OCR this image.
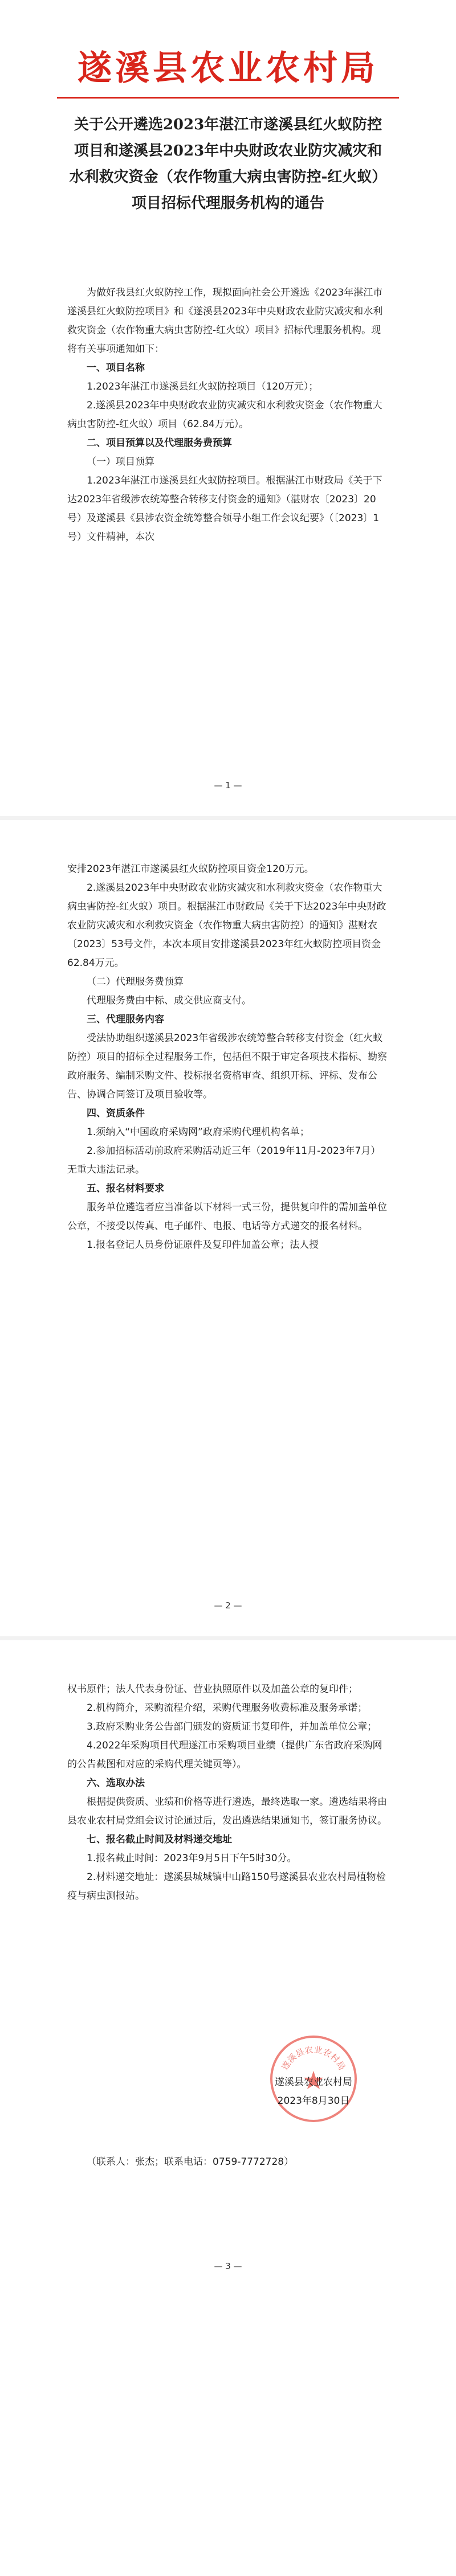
遂溪县农业农村局
关于公开遴选2023年湛江市遂溪县红火蚁防控项目和遂溪县2023年中央财政农业防灾减灾和水利救灾资金（农作物重大病虫害防控-红火蚁）项目招标代理服务机构的通告

为做好我县红火蚁防控工作，现拟面向社会公开遴选《2023年湛江市遂溪县红火蚁防控项目》和《遂溪县2023年中央财政农业防灾减灾和水利救灾资金（农作物重大病虫害防控-红火蚁）项目》招标代理服务机构。现将有关事项通知如下：

一、项目名称

1.2023年湛江市遂溪县红火蚁防控项目（120万元）；

2.遂溪县2023年中央财政农业防灾减灾和水利救灾资金（农作物重大病虫害防控-红火蚁）项目（62.84万元）。

二、项目预算以及代理服务费预算

（一）项目预算

1.2023年湛江市遂溪县红火蚁防控项目。根据湛江市财政局《关于下达2023年省级涉农统筹整合转移支付资金的通知》（湛财农〔2023〕20号）及遂溪县《县涉农资金统筹整合领导小组工作会议纪要》（〔2023〕1号）文件精神，本次

— 1 —

安排2023年湛江市遂溪县红火蚁防控项目资金120万元。

2.遂溪县2023年中央财政农业防灾减灾和水利救灾资金（农作物重大病虫害防控-红火蚁）项目。根据湛江市财政局《关于下达2023年中央财政农业防灾减灾和水利救灾资金（农作物重大病虫害防控）的通知》湛财农〔2023〕53号文件，本次本项目安排遂溪县2023年红火蚁防控项目资金62.84万元。

（二）代理服务费预算

代理服务费由中标、成交供应商支付。

三、代理服务内容

受法协助组织遂溪县2023年省级涉农统筹整合转移支付资金（红火蚁防控）项目的招标全过程服务工作，包括但不限于审定各项技术指标、勘察政府服务、编制采购文件、投标报名资格审查、组织开标、评标、发布公告、协调合同签订及项目验收等。

四、资质条件

1.须纳入“中国政府采购网”政府采购代理机构名单；

2.参加招标活动前政府采购活动近三年（2019年11月-2023年7月）无重大违法记录。

五、报名材料要求

服务单位遴选者应当准备以下材料一式三份，提供复印件的需加盖单位公章，不接受以传真、电子邮件、电报、电话等方式递交的报名材料。

1.报名登记人员身份证原件及复印件加盖公章；法人授

— 2 —

权书原件；法人代表身份证、营业执照原件以及加盖公章的复印件；

2.机构简介，采购流程介绍，采购代理服务收费标准及服务承诺；

3.政府采购业务公告部门颁发的资质证书复印件，并加盖单位公章；

4.2022年采购项目代理遂江市采购项目业绩（提供广东省政府采购网的公告截图和对应的采购代理关键页等）。

六、选取办法

根据提供资质、业绩和价格等进行遴选，最终选取一家。遴选结果将由县农业农村局党组会议讨论通过后，发出遴选结果通知书，签订服务协议。

七、报名截止时间及材料递交地址

1.报名截止时间：2023年9月5日下午5时30分。

2.材料递交地址：遂溪县城城镇中山路150号遂溪县农业农村局植物检疫与病虫测报站。

遂溪县农业农村局
遂溪县农业农村局
2023年8月30日

（联系人：张杰；联系电话：0759-7772728）

— 3 —
